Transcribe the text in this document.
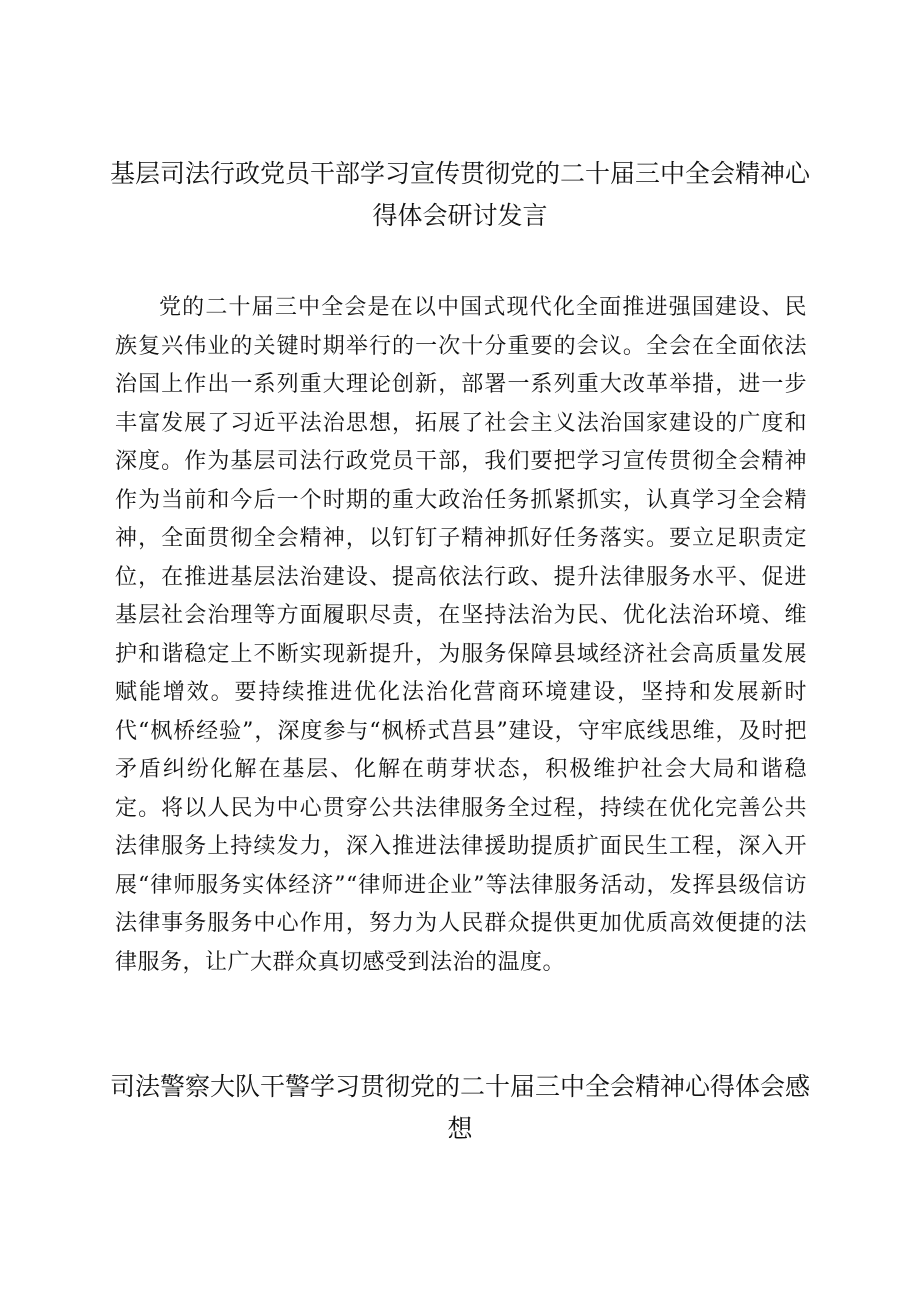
基层司法行政党员干部学习宣传贯彻党的二十届三中全会精神心得体会研讨发言

党的二十届三中全会是在以中国式现代化全面推进强国建设、民族复兴伟业的关键时期举行的一次十分重要的会议。全会在全面依法治国上作出一系列重大理论创新，部署一系列重大改革举措，进一步丰富发展了习近平法治思想，拓展了社会主义法治国家建设的广度和深度。作为基层司法行政党员干部，我们要把学习宣传贯彻全会精神作为当前和今后一个时期的重大政治任务抓紧抓实，认真学习全会精神，全面贯彻全会精神，以钉钉子精神抓好任务落实。要立足职责定位，在推进基层法治建设、提高依法行政、提升法律服务水平、促进基层社会治理等方面履职尽责，在坚持法治为民、优化法治环境、维护和谐稳定上不断实现新提升，为服务保障县域经济社会高质量发展赋能增效。要持续推进优化法治化营商环境建设，坚持和发展新时代“枫桥经验”，深度参与“枫桥式莒县”建设，守牢底线思维，及时把矛盾纠纷化解在基层、化解在萌芽状态，积极维护社会大局和谐稳定。将以人民为中心贯穿公共法律服务全过程，持续在优化完善公共法律服务上持续发力，深入推进法律援助提质扩面民生工程，深入开展“律师服务实体经济”“律师进企业”等法律服务活动，发挥县级信访法律事务服务中心作用，努力为人民群众提供更加优质高效便捷的法律服务，让广大群众真切感受到法治的温度。

司法警察大队干警学习贯彻党的二十届三中全会精神心得体会感想
